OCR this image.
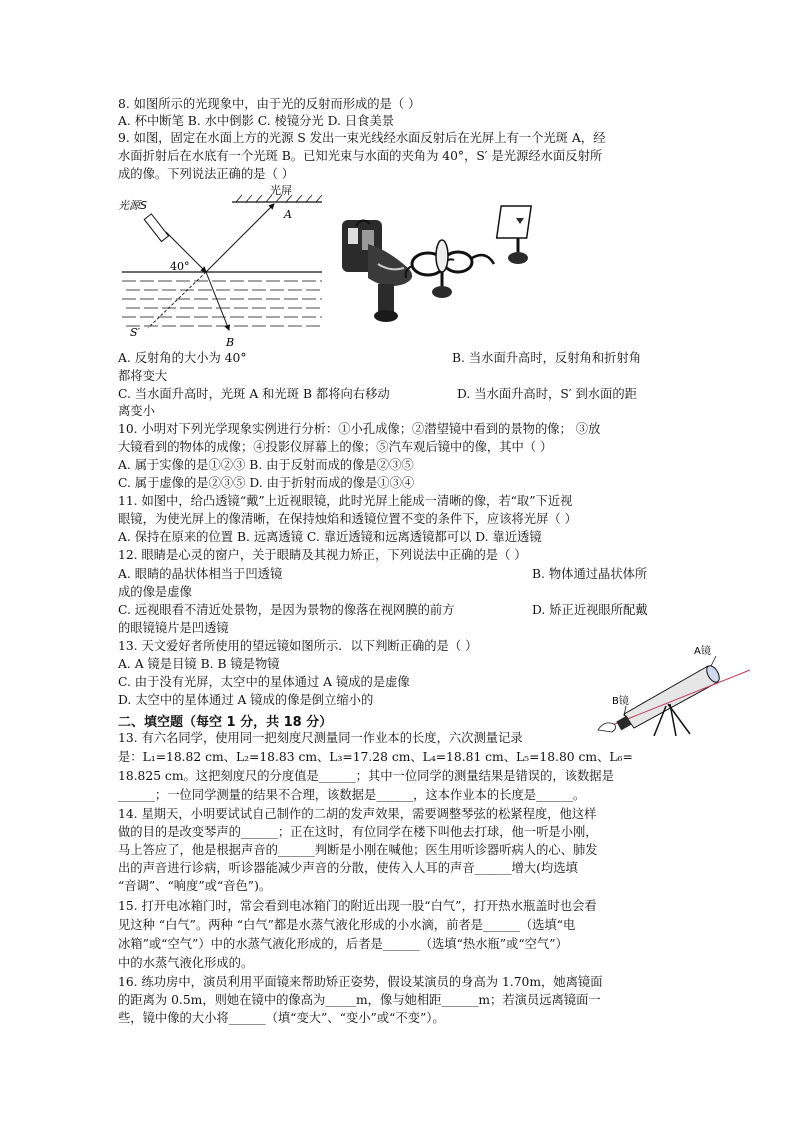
8. 如图所示的光现象中，由于光的反射而形成的是（ ）
A. 杯中断笔 B. 水中倒影 C. 棱镜分光 D. 日食美景
9. 如图，固定在水面上方的光源 S 发出一束光线经水面反射后在光屏上有一个光斑 A，经
水面折射后在水底有一个光斑 B。已知光束与水面的夹角为 40°，S′ 是光源经水面反射所
成的像。下列说法正确的是（ ）
光屏
光源S
A
40°
B
S′
A. 反射角的大小为 40°	B. 当水面升高时，反射角和折射角
都将变大
C. 当水面升高时，光斑 A 和光斑 B 都将向右移动	D. 当水面升高时，S′ 到水面的距
离变小
10. 小明对下列光学现象实例进行分析：①小孔成像；②潜望镜中看到的景物的像； ③放
大镜看到的物体的成像；④投影仪屏幕上的像；⑤汽车观后镜中的像，其中（ ）
A. 属于实像的是①②③ B. 由于反射而成的像是②③⑤
C. 属于虚像的是②③⑤ D. 由于折射而成的像是①③④
11. 如图中，给凸透镜“戴”上近视眼镜，此时光屏上能成一清晰的像，若“取”下近视
眼镜，为使光屏上的像清晰，在保持烛焰和透镜位置不变的条件下，应该将光屏（ ）
A. 保持在原来的位置 B. 远离透镜 C. 靠近透镜和远离透镜都可以 D. 靠近透镜
12. 眼睛是心灵的窗户，关于眼睛及其视力矫正，下列说法中正确的是（ ）
A. 眼睛的晶状体相当于凹透镜	B. 物体通过晶状体所
成的像是虚像
C. 远视眼看不清近处景物，是因为景物的像落在视网膜的前方	D. 矫正近视眼所配戴
的眼镜镜片是凹透镜
13. 天文爱好者所使用的望远镜如图所示．以下判断正确的是（ ）
A. A 镜是目镜 B. B 镜是物镜
C. 由于没有光屏，太空中的星体通过 A 镜成的是虚像
D. 太空中的星体通过 A 镜成的像是倒立缩小的
A镜
B镜
二、填空题（每空 1 分，共 18 分）
13. 有六名同学，使用同一把刻度尺测量同一作业本的长度，六次测量记录
是：L₁=18.82 cm、L₂=18.83 cm、L₃=17.28 cm、L₄=18.81 cm、L₅=18.80 cm、L₆=
18.825 cm。这把刻度尺的分度值是______；其中一位同学的测量结果是错误的，该数据是
______；一位同学测量的结果不合理，该数据是______，这本作业本的长度是______。
14. 星期天，小明要试试自己制作的二胡的发声效果，需要调整琴弦的松紧程度，他这样
做的目的是改变琴声的______；正在这时，有位同学在楼下叫他去打球，他一听是小刚，
马上答应了，他是根据声音的______判断是小刚在喊他；医生用听诊器听病人的心、肺发
出的声音进行诊病，听诊器能减少声音的分散，使传入人耳的声音______增大(均选填
“音调”、“响度”或“音色”)。
15. 打开电冰箱门时，常会看到电冰箱门的附近出现一股“白气”，打开热水瓶盖时也会看
见这种 “白气”。两种 “白气”都是水蒸气液化形成的小水滴，前者是______（选填“电
冰箱”或“空气”）中的水蒸气液化形成的，后者是______（选填“热水瓶”或“空气”）
中的水蒸气液化形成的。
16. 练功房中，演员利用平面镜来帮助矫正姿势，假设某演员的身高为 1.70m，她离镜面
的距离为 0.5m，则她在镜中的像高为_____m，像与她相距______m；若演员远离镜面一
些，镜中像的大小将______（填“变大”、“变小”或“不变”）。
